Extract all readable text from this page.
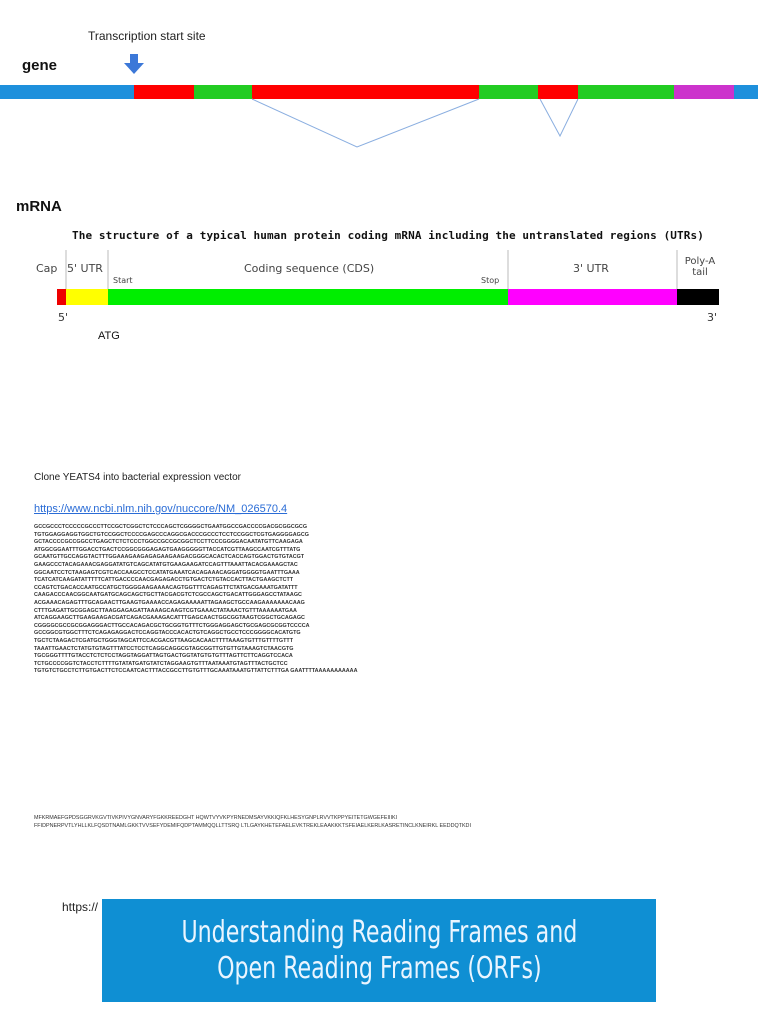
Transcription start site
gene
mRNA
The structure of a typical human protein coding mRNA including the untranslated regions (UTRs)
Cap 5' UTR	Coding sequence (CDS)	3' UTR
Poly-A
tail
Start	Stop
5'	3'
ATG
Clone YEATS4 into bacterial expression vector
https://www.ncbi.nlm.nih.gov/nuccore/NM_026570.4
GCCGCCCTCCCCCGCCCTTCCGCTCGGCTCTCCCAGCTCGGGGCTGAATGGCCGACCCCGACGCGGCGCG
TGTGGAGGAGGTGGCTGTCCGGCTCCCCGAGCCCAGGCGACCCGCCCTCCTCCGGCTCGTGAGGGGAGCG
GCTACCCCGCCGGCCTGAGCTCTCTCCCTGGCCGCCGCGGCTCCTTCCCGGGGACAATATGTTCAAGAGA
ATGGCGGAATTTGGACCTGACTCCGGCGGGAGAGTGAAGGGGGTTACCATCGTTAAGCCAATCGTTTATG
GCAATGTTGCCAGGTACTTTGGAAAGAAGAGAGAAGAAGACGGGCACACTCACCAGTGGACTGTGTACGT
GAAGCCCTACAGAAACGAGGATATGTCAGCATATGTGAAGAAGATCCAGTTTAAATTACACGAAAGCTAC
GGCAATCCTCTAAGAGTCGTCACCAAGCCTCCATATGAAATCACAGAAACAGGATGGGGTGAATTTGAAA
TCATCATCAAGATATTTTTCATTGACCCCAACGAGAGACCTGTGACTCTGTACCACTTACTGAAGCTCTT
CCAGTCTGACACCAATGCCATGCTGGGGAAGAAAACAGTGGTTTCAGAGTTCTATGACGAAATGATATTT
CAAGACCCAACGGCAATGATGCAGCAGCTGCTTACGACGTCTCGCCAGCTGACATTGGGAGCCTATAAGC
ACGAAACAGAGTTTGCAGAACTTGAAGTGAAAACCAGAGAAAAATTAGAAGCTGCCAAGAAAAAAACAAG
CTTTGAGATTGCGGAGCTTAAGGAGAGATTAAAAGCAAGTCGTGAAACTATAAACTGTTTAAAAAATGAA
ATCAGGAAGCTTGAAGAAGACGATCAGACGAAAGACATTTGAGCAACTGGCGGTAAGTCGGCTGCAGAGC
CGGGGCGCCGCGGAGGGACTTGCCACAGACGCTGCGGTGTTTCTGGGAGGAGCTGCGAGCGCGGTCCCCA
GCCGGCGTGGCTTTCTCAGAGAGGACTCCAGGTACCCACACTGTCAGGCTGCCTCCCGGGGCACATGTG
TGCTCTAAGACTCGATGCTGGGTAGCATTCCACGACGTTAAGCACAACTTTTAAAGTGTTTGTTTTGTTT
TAAATTGAACTCTATGTGTAGTTTATCCTCCTCAGGCAGGCGTAGCGGTTGTGTTGTAAAGTCTAACGTG
TGCGGGTTTTGTACCTCTCTCCTAGGTAGGATTAGTGACTGGTATGTGTGTTTAGTTCTTCAGGTCCACA
TCTGCCCCGGTCTACCTCTTTTGTATATGATGTATCTAGGAAGTGTTTAATAAATGTAGTTTACTGCTCC
TGTGTCTGCCTCTTGTGACTTCTCCAATCACTTTACCGCCTTGTGTTTGCAAATAAATGTTATTCTTTGA GAATTTTAAAAAAAAAAA
MFKRMAEFGPDSGGRVKGVTIVKPIVYGNVARYFGKKREEDGHT HQWTVYVKPYRNEDMSAYVKKIQFKLHESYGNPLRVVTKPPYEITETGWGEFEIIIKI
FFIDPNERPVTLYHLLKLFQSDTNAMLGKKTVVSEFYDEMIFQDPTAMMQQLLTTSRQ LTLGAYKHETEFAELEVKTREKLEAAKKKTSFEIAELKERLKASRETINCLKNEIRKL EEDDQTKDI
https://
Understanding Reading Frames and
Open Reading Frames (ORFs)
